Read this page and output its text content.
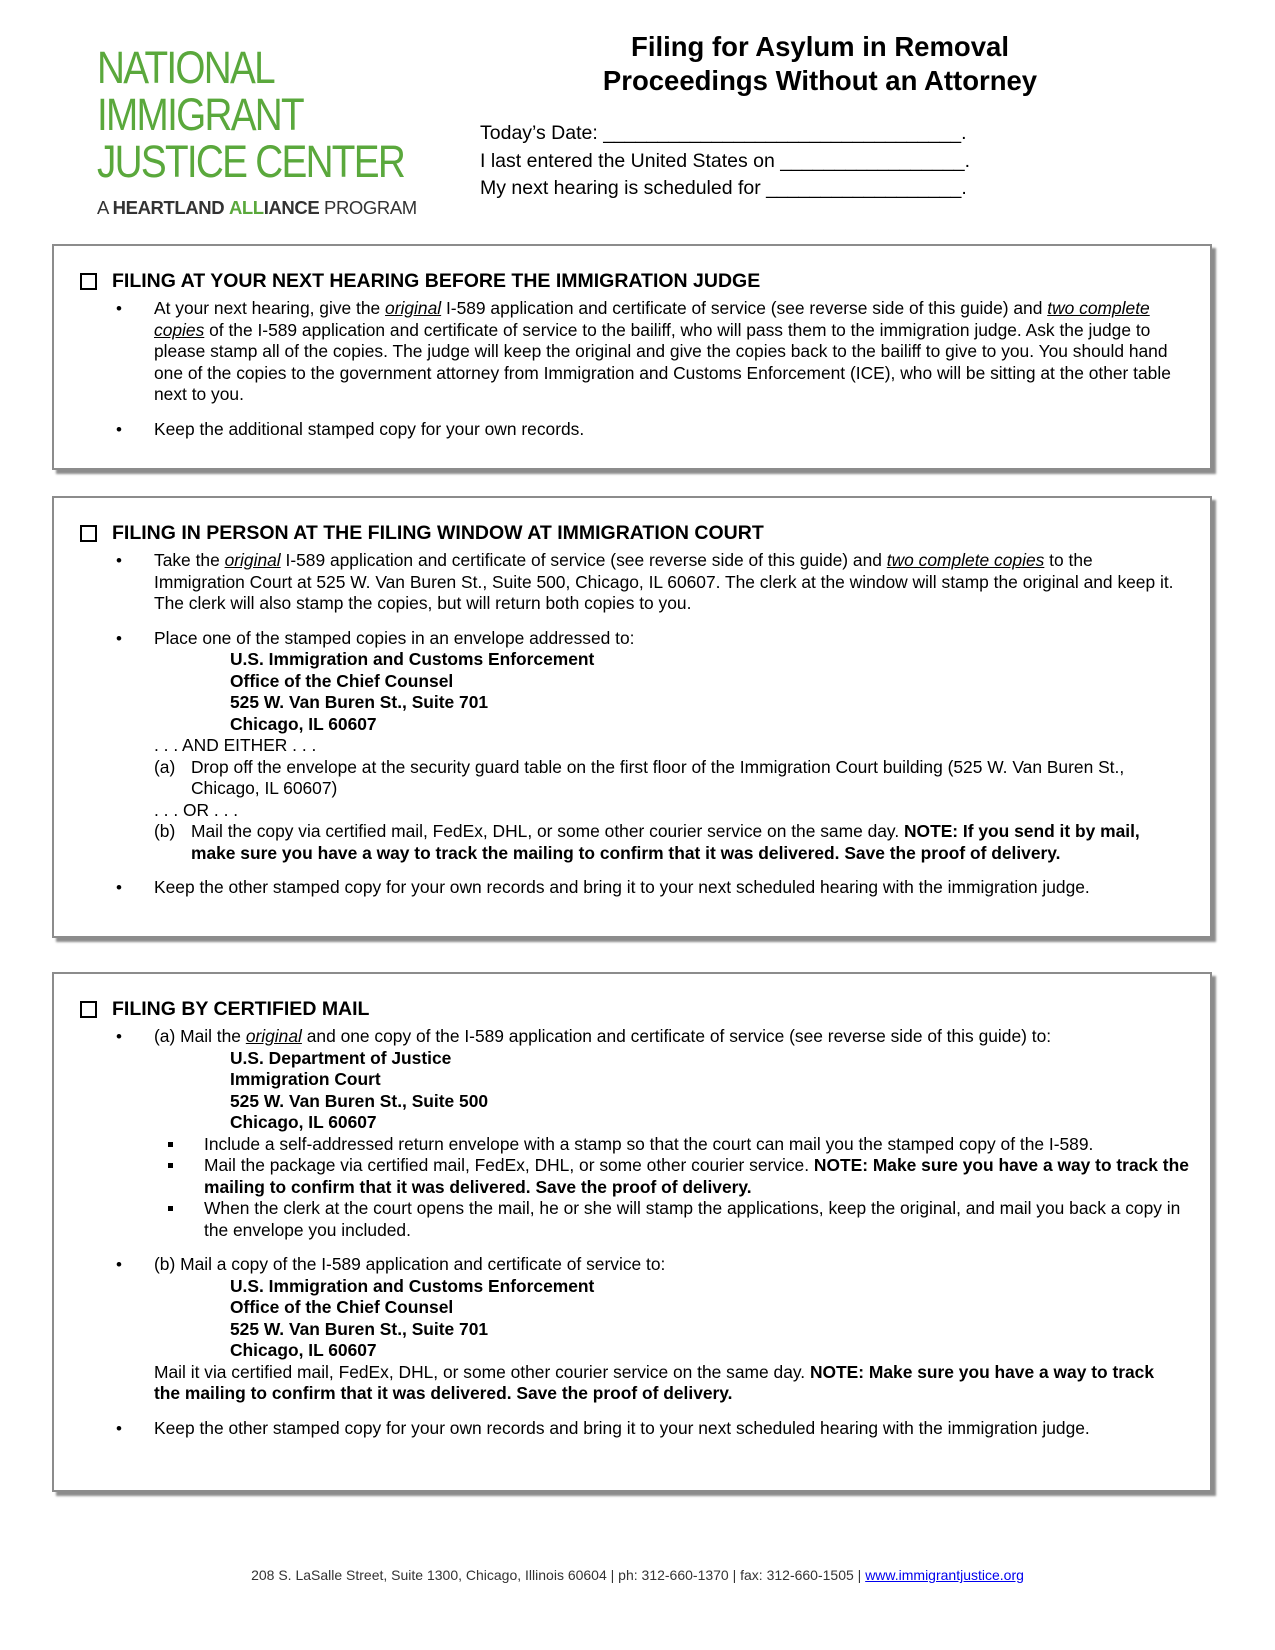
NATIONAL
IMMIGRANT
JUSTICE CENTER
A HEARTLAND ALLIANCE PROGRAM
Filing for Asylum in Removal
Proceedings Without an Attorney
Today’s Date: _________________________________.
I last entered the United States on _________________.
My next hearing is scheduled for __________________.
FILING AT YOUR NEXT HEARING BEFORE THE IMMIGRATION JUDGE
• At your next hearing, give the original I-589 application and certificate of service (see reverse side of this guide) and two complete copies of the I-589 application and certificate of service to the bailiff, who will pass them to the immigration judge. Ask the judge to please stamp all of the copies. The judge will keep the original and give the copies back to the bailiff to give to you. You should hand one of the copies to the government attorney from Immigration and Customs Enforcement (ICE), who will be sitting at the other table next to you.
• Keep the additional stamped copy for your own records.
FILING IN PERSON AT THE FILING WINDOW AT IMMIGRATION COURT
• Take the original I-589 application and certificate of service (see reverse side of this guide) and two complete copies to the Immigration Court at 525 W. Van Buren St., Suite 500, Chicago, IL 60607. The clerk at the window will stamp the original and keep it. The clerk will also stamp the copies, but will return both copies to you.
• Place one of the stamped copies in an envelope addressed to:
U.S. Immigration and Customs Enforcement
Office of the Chief Counsel
525 W. Van Buren St., Suite 701
Chicago, IL 60607
. . . AND EITHER . . .
(a) Drop off the envelope at the security guard table on the first floor of the Immigration Court building (525 W. Van Buren St., Chicago, IL 60607)
. . . OR . . .
(b) Mail the copy via certified mail, FedEx, DHL, or some other courier service on the same day. NOTE: If you send it by mail, make sure you have a way to track the mailing to confirm that it was delivered. Save the proof of delivery.
• Keep the other stamped copy for your own records and bring it to your next scheduled hearing with the immigration judge.
FILING BY CERTIFIED MAIL
• (a) Mail the original and one copy of the I-589 application and certificate of service (see reverse side of this guide) to:
U.S. Department of Justice
Immigration Court
525 W. Van Buren St., Suite 500
Chicago, IL 60607
Include a self-addressed return envelope with a stamp so that the court can mail you the stamped copy of the I-589.
Mail the package via certified mail, FedEx, DHL, or some other courier service. NOTE: Make sure you have a way to track the mailing to confirm that it was delivered. Save the proof of delivery.
When the clerk at the court opens the mail, he or she will stamp the applications, keep the original, and mail you back a copy in the envelope you included.
• (b) Mail a copy of the I-589 application and certificate of service to:
U.S. Immigration and Customs Enforcement
Office of the Chief Counsel
525 W. Van Buren St., Suite 701
Chicago, IL 60607
Mail it via certified mail, FedEx, DHL, or some other courier service on the same day. NOTE: Make sure you have a way to track the mailing to confirm that it was delivered. Save the proof of delivery.
• Keep the other stamped copy for your own records and bring it to your next scheduled hearing with the immigration judge.
208 S. LaSalle Street, Suite 1300, Chicago, Illinois 60604 | ph: 312-660-1370 | fax: 312-660-1505 | www.immigrantjustice.org
